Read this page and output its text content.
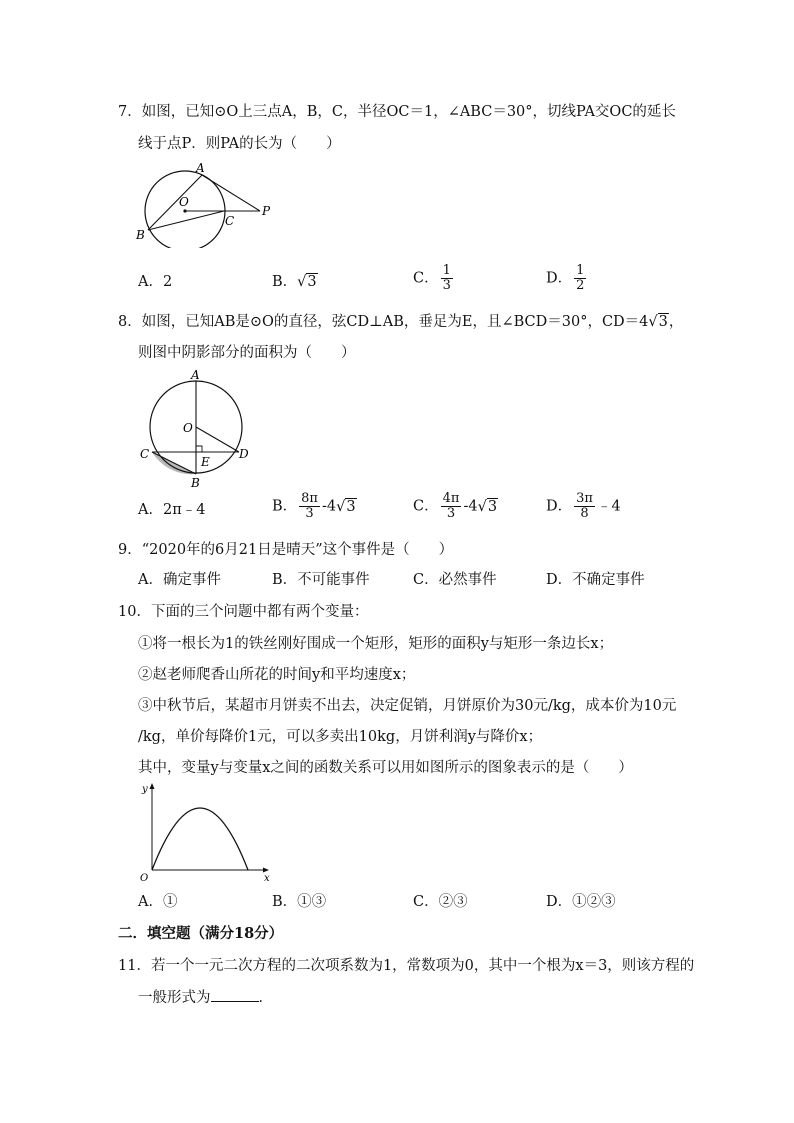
7．如图，已知⊙O上三点A，B，C，半径OC＝1，∠ABC＝30°，切线PA交OC的延长
线于点P．则PA的长为（　　）
A
O
C
P
B
A．2	B．√3	C． $\frac{1}{3}$	D． $\frac{1}{2}$
8．如图，已知AB是⊙O的直径，弦CD⊥AB，垂足为E，且∠BCD＝30°，CD＝4√3，
则图中阴影部分的面积为（　　）
A
O
C
E
D
B
A．2π﹣4	B． $\frac{8\pi}{3} -4√3$	C． $\frac{4\pi}{3} -4√3$	D． $\frac{3\pi}{8}$ ﹣4
9．“2020年的6月21日是晴天”这个事件是（　　）
A．确定事件	B．不可能事件	C．必然事件	D．不确定事件
10．下面的三个问题中都有两个变量：
①将一根长为1的铁丝刚好围成一个矩形，矩形的面积y与矩形一条边长x；
②赵老师爬香山所花的时间y和平均速度x；
③中秋节后，某超市月饼卖不出去，决定促销，月饼原价为30元/kg，成本价为10元
/kg，单价每降价1元，可以多卖出10kg，月饼利润y与降价x；
其中，变量y与变量x之间的函数关系可以用如图所示的图象表示的是（　　）
y
x
O
A．①	B．①③	C．②③	D．①②③
二．填空题（满分18分）
11．若一个一元二次方程的二次项系数为1，常数项为0，其中一个根为x＝3，则该方程的
一般形式为	．
